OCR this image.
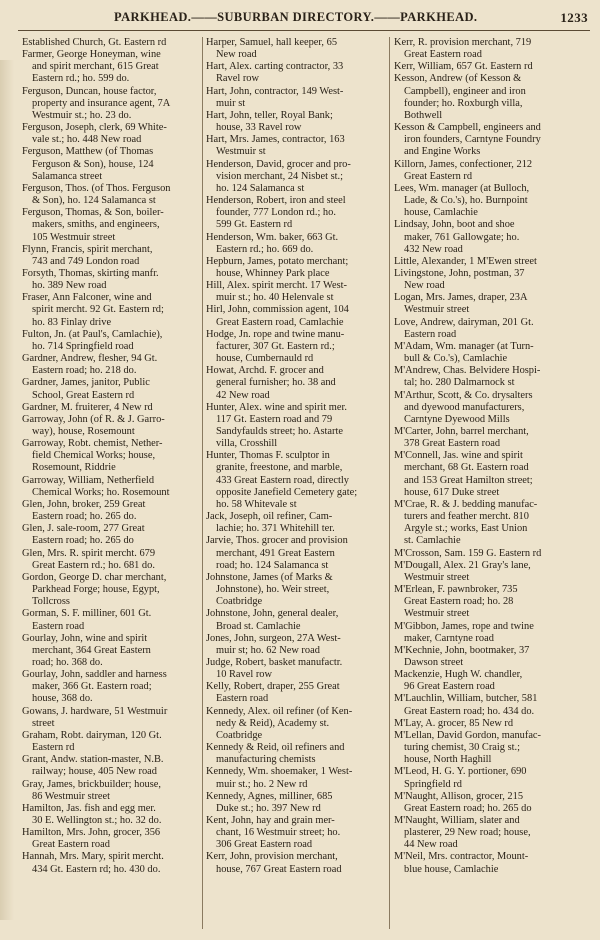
PARKHEAD.——SUBURBAN DIRECTORY.——PARKHEAD.	1233
Established Church, Gt. Eastern rd
Farmer, George Honeyman, wine
and spirit merchant, 615 Great
Eastern rd.; ho. 599 do.
Ferguson, Duncan, house factor,
property and insurance agent, 7A
Westmuir st.; ho. 23 do.
Ferguson, Joseph, clerk, 69 White-
vale st.; ho. 448 New road
Ferguson, Matthew (of Thomas
Ferguson & Son), house, 124
Salamanca street
Ferguson, Thos. (of Thos. Ferguson
& Son), ho. 124 Salamanca st
Ferguson, Thomas, & Son, boiler-
makers, smiths, and engineers,
105 Westmuir street
Flynn, Francis, spirit merchant,
743 and 749 London road
Forsyth, Thomas, skirting manfr.
ho. 389 New road
Fraser, Ann Falconer, wine and
spirit mercht. 92 Gt. Eastern rd;
ho. 83 Finlay drive
Fulton, Jn. (at Paul's, Camlachie),
ho. 714 Springfield road
Gardner, Andrew, flesher, 94 Gt.
Eastern road; ho. 218 do.
Gardner, James, janitor, Public
School, Great Eastern rd
Gardner, M. fruiterer, 4 New rd
Garroway, John (of R. & J. Garro-
way), house, Rosemount
Garroway, Robt. chemist, Nether-
field Chemical Works; house,
Rosemount, Riddrie
Garroway, William, Netherfield
Chemical Works; ho. Rosemount
Glen, John, broker, 259 Great
Eastern road; ho. 265 do.
Glen, J. sale-room, 277 Great
Eastern road; ho. 265 do
Glen, Mrs. R. spirit mercht. 679
Great Eastern rd.; ho. 681 do.
Gordon, George D. char merchant,
Parkhead Forge; house, Egypt,
Tollcross
Gorman, S. F. milliner, 601 Gt.
Eastern road
Gourlay, John, wine and spirit
merchant, 364 Great Eastern
road; ho. 368 do.
Gourlay, John, saddler and harness
maker, 366 Gt. Eastern road;
house, 368 do.
Gowans, J. hardware, 51 Westmuir
street
Graham, Robt. dairyman, 120 Gt.
Eastern rd
Grant, Andw. station-master, N.B.
railway; house, 405 New road
Gray, James, brickbuilder; house,
86 Westmuir street
Hamilton, Jas. fish and egg mer.
30 E. Wellington st.; ho. 32 do.
Hamilton, Mrs. John, grocer, 356
Great Eastern road
Hannah, Mrs. Mary, spirit mercht.
434 Gt. Eastern rd; ho. 430 do.
Harper, Samuel, hall keeper, 65
New road
Hart, Alex. carting contractor, 33
Ravel row
Hart, John, contractor, 149 West-
muir st
Hart, John, teller, Royal Bank;
house, 33 Ravel row
Hart, Mrs. James, contractor, 163
Westmuir st
Henderson, David, grocer and pro-
vision merchant, 24 Nisbet st.;
ho. 124 Salamanca st
Henderson, Robert, iron and steel
founder, 777 London rd.; ho.
599 Gt. Eastern rd
Henderson, Wm. baker, 663 Gt.
Eastern rd.; ho. 669 do.
Hepburn, James, potato merchant;
house, Whinney Park place
Hill, Alex. spirit mercht. 17 West-
muir st.; ho. 40 Helenvale st
Hirl, John, commission agent, 104
Great Eastern road, Camlachie
Hodge, Jn. rope and twine manu-
facturer, 307 Gt. Eastern rd.;
house, Cumbernauld rd
Howat, Archd. F. grocer and
general furnisher; ho. 38 and
42 New road
Hunter, Alex. wine and spirit mer.
117 Gt. Eastern road and 79
Sandyfaulds street; ho. Astarte
villa, Crosshill
Hunter, Thomas F. sculptor in
granite, freestone, and marble,
433 Great Eastern road, directly
opposite Janefield Cemetery gate;
ho. 58 Whitevale st
Jack, Joseph, oil refiner, Cam-
lachie; ho. 371 Whitehill ter.
Jarvie, Thos. grocer and provision
merchant, 491 Great Eastern
road; ho. 124 Salamanca st
Johnstone, James (of Marks &
Johnstone), ho. Weir street,
Coatbridge
Johnstone, John, general dealer,
Broad st. Camlachie
Jones, John, surgeon, 27A West-
muir st; ho. 62 New road
Judge, Robert, basket manufactr.
10 Ravel row
Kelly, Robert, draper, 255 Great
Eastern road
Kennedy, Alex. oil refiner (of Ken-
nedy & Reid), Academy st.
Coatbridge
Kennedy & Reid, oil refiners and
manufacturing chemists
Kennedy, Wm. shoemaker, 1 West-
muir st.; ho. 2 New rd
Kennedy, Agnes, milliner, 685
Duke st.; ho. 397 New rd
Kent, John, hay and grain mer-
chant, 16 Westmuir street; ho.
306 Great Eastern road
Kerr, John, provision merchant,
house, 767 Great Eastern road
Kerr, R. provision merchant, 719
Great Eastern road
Kerr, William, 657 Gt. Eastern rd
Kesson, Andrew (of Kesson &
Campbell), engineer and iron
founder; ho. Roxburgh villa,
Bothwell
Kesson & Campbell, engineers and
iron founders, Carntyne Foundry
and Engine Works
Killorn, James, confectioner, 212
Great Eastern rd
Lees, Wm. manager (at Bulloch,
Lade, & Co.'s), ho. Burnpoint
house, Camlachie
Lindsay, John, boot and shoe
maker, 761 Gallowgate; ho.
432 New road
Little, Alexander, 1 M'Ewen street
Livingstone, John, postman, 37
New road
Logan, Mrs. James, draper, 23A
Westmuir street
Love, Andrew, dairyman, 201 Gt.
Eastern road
M'Adam, Wm. manager (at Turn-
bull & Co.'s), Camlachie
M'Andrew, Chas. Belvidere Hospi-
tal; ho. 280 Dalmarnock st
M'Arthur, Scott, & Co. drysalters
and dyewood manufacturers,
Carntyne Dyewood Mills
M'Carter, John, barrel merchant,
378 Great Eastern road
M'Connell, Jas. wine and spirit
merchant, 68 Gt. Eastern road
and 153 Great Hamilton street;
house, 617 Duke street
M'Crae, R. & J. bedding manufac-
turers and feather mercht. 810
Argyle st.; works, East Union
st. Camlachie
M'Crosson, Sam. 159 G. Eastern rd
M'Dougall, Alex. 21 Gray's lane,
Westmuir street
M'Erlean, F. pawnbroker, 735
Great Eastern road; ho. 28
Westmuir street
M'Gibbon, James, rope and twine
maker, Carntyne road
M'Kechnie, John, bootmaker, 37
Dawson street
Mackenzie, Hugh W. chandler,
96 Great Eastern road
M'Lauchlin, William, butcher, 581
Great Eastern road; ho. 434 do.
M'Lay, A. grocer, 85 New rd
M'Lellan, David Gordon, manufac-
turing chemist, 30 Craig st.;
house, North Haghill
M'Leod, H. G. Y. portioner, 690
Springfield rd
M'Naught, Allison, grocer, 215
Great Eastern road; ho. 265 do
M'Naught, William, slater and
plasterer, 29 New road; house,
44 New road
M'Neil, Mrs. contractor, Mount-
blue house, Camlachie
